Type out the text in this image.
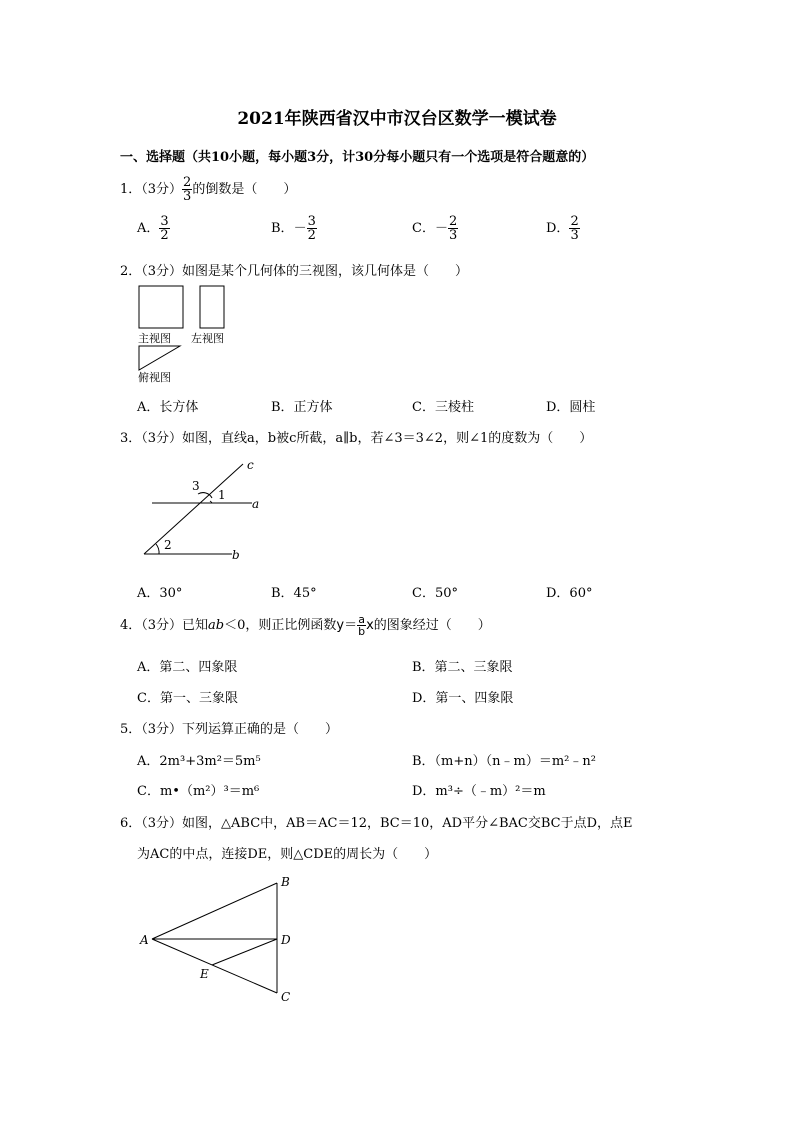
2021年陕西省汉中市汉台区数学一模试卷
一、选择题（共10小题，每小题3分，计30分每小题只有一个选项是符合题意的）
1．（3分） $\frac{2}{3}$ 的倒数是（　　）
A． $\frac{3}{2}$	B．－ $\frac{3}{2}$	C．－ $\frac{2}{3}$	D． $\frac{2}{3}$
2．（3分）如图是某个几何体的三视图，该几何体是（　　）
主视图 左视图
俯视图
A．长方体	B．正方体	C．三棱柱	D．圆柱
3．（3分）如图，直线a，b被c所截，a∥b，若∠3＝3∠2，则∠1的度数为（　　）
c
a
b
3
1
2
A．30°	B．45°	C．50°	D．60°
4．（3分）已知ab＜0，则正比例函数$y= \frac{a}{b}$ x的图象经过（　　）
A．第二、四象限	B．第二、三象限
C．第一、三象限	D．第一、四象限
5．（3分）下列运算正确的是（　　）
A．2m³+3m²＝5m⁵	B．（m+n）（n﹣m）＝m²﹣n²
C．m•（m²）³＝m⁶	D．m³÷（﹣m）²＝m
6．（3分）如图，△ABC中，AB＝AC＝12，BC＝10，AD平分∠BAC交BC于点D，点E
为AC的中点，连接DE，则△CDE的周长为（　　）
A
B
D
E
C
